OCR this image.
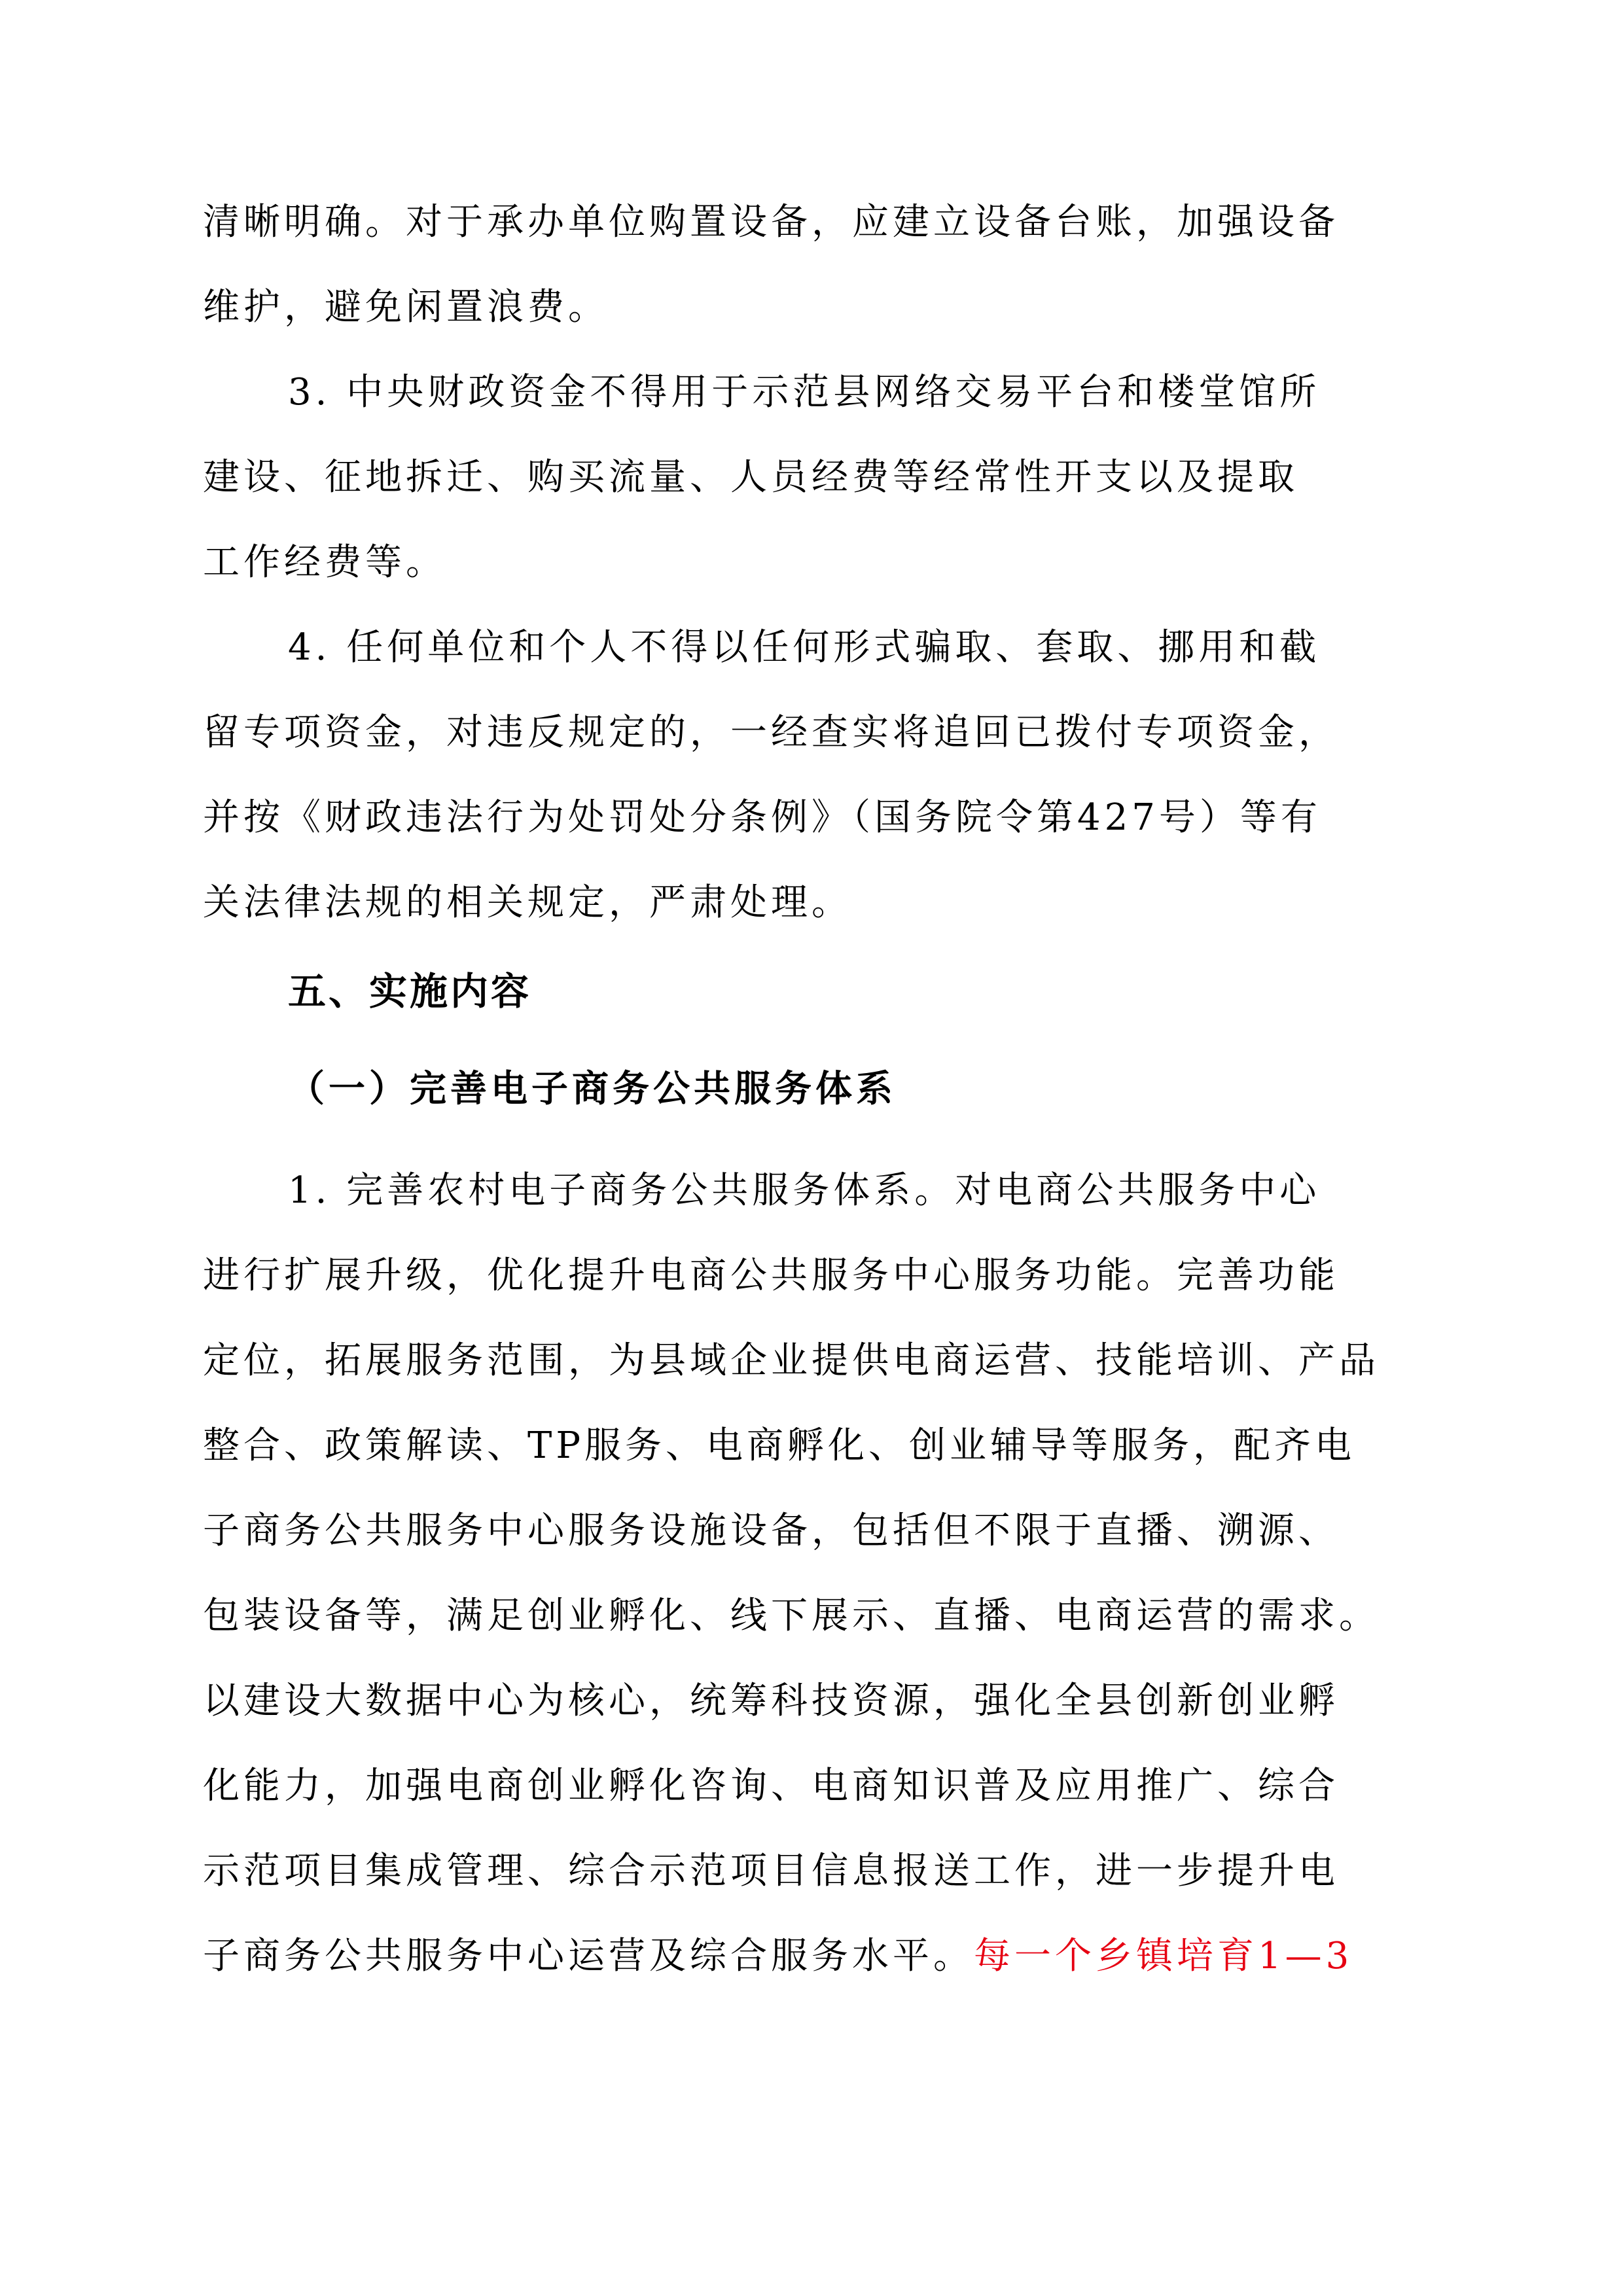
清晰明确。对于承办单位购置设备，应建立设备台账，加强设备
维护，避免闲置浪费。
3. 中央财政资金不得用于示范县网络交易平台和楼堂馆所
建设、征地拆迁、购买流量、人员经费等经常性开支以及提取
工作经费等。
4. 任何单位和个人不得以任何形式骗取、套取、挪用和截
留专项资金，对违反规定的，一经查实将追回已拨付专项资金，
并按《财政违法行为处罚处分条例》（国务院令第427号）等有
关法律法规的相关规定，严肃处理。
五、实施内容
（一）完善电子商务公共服务体系
1. 完善农村电子商务公共服务体系。对电商公共服务中心
进行扩展升级，优化提升电商公共服务中心服务功能。完善功能
定位，拓展服务范围，为县域企业提供电商运营、技能培训、产品
整合、政策解读、TP服务、电商孵化、创业辅导等服务，配齐电
子商务公共服务中心服务设施设备，包括但不限于直播、溯源、
包装设备等，满足创业孵化、线下展示、直播、电商运营的需求。
以建设大数据中心为核心，统筹科技资源，强化全县创新创业孵
化能力，加强电商创业孵化咨询、电商知识普及应用推广、综合
示范项目集成管理、综合示范项目信息报送工作，进一步提升电
子商务公共服务中心运营及综合服务水平。每一个乡镇培育1—3
